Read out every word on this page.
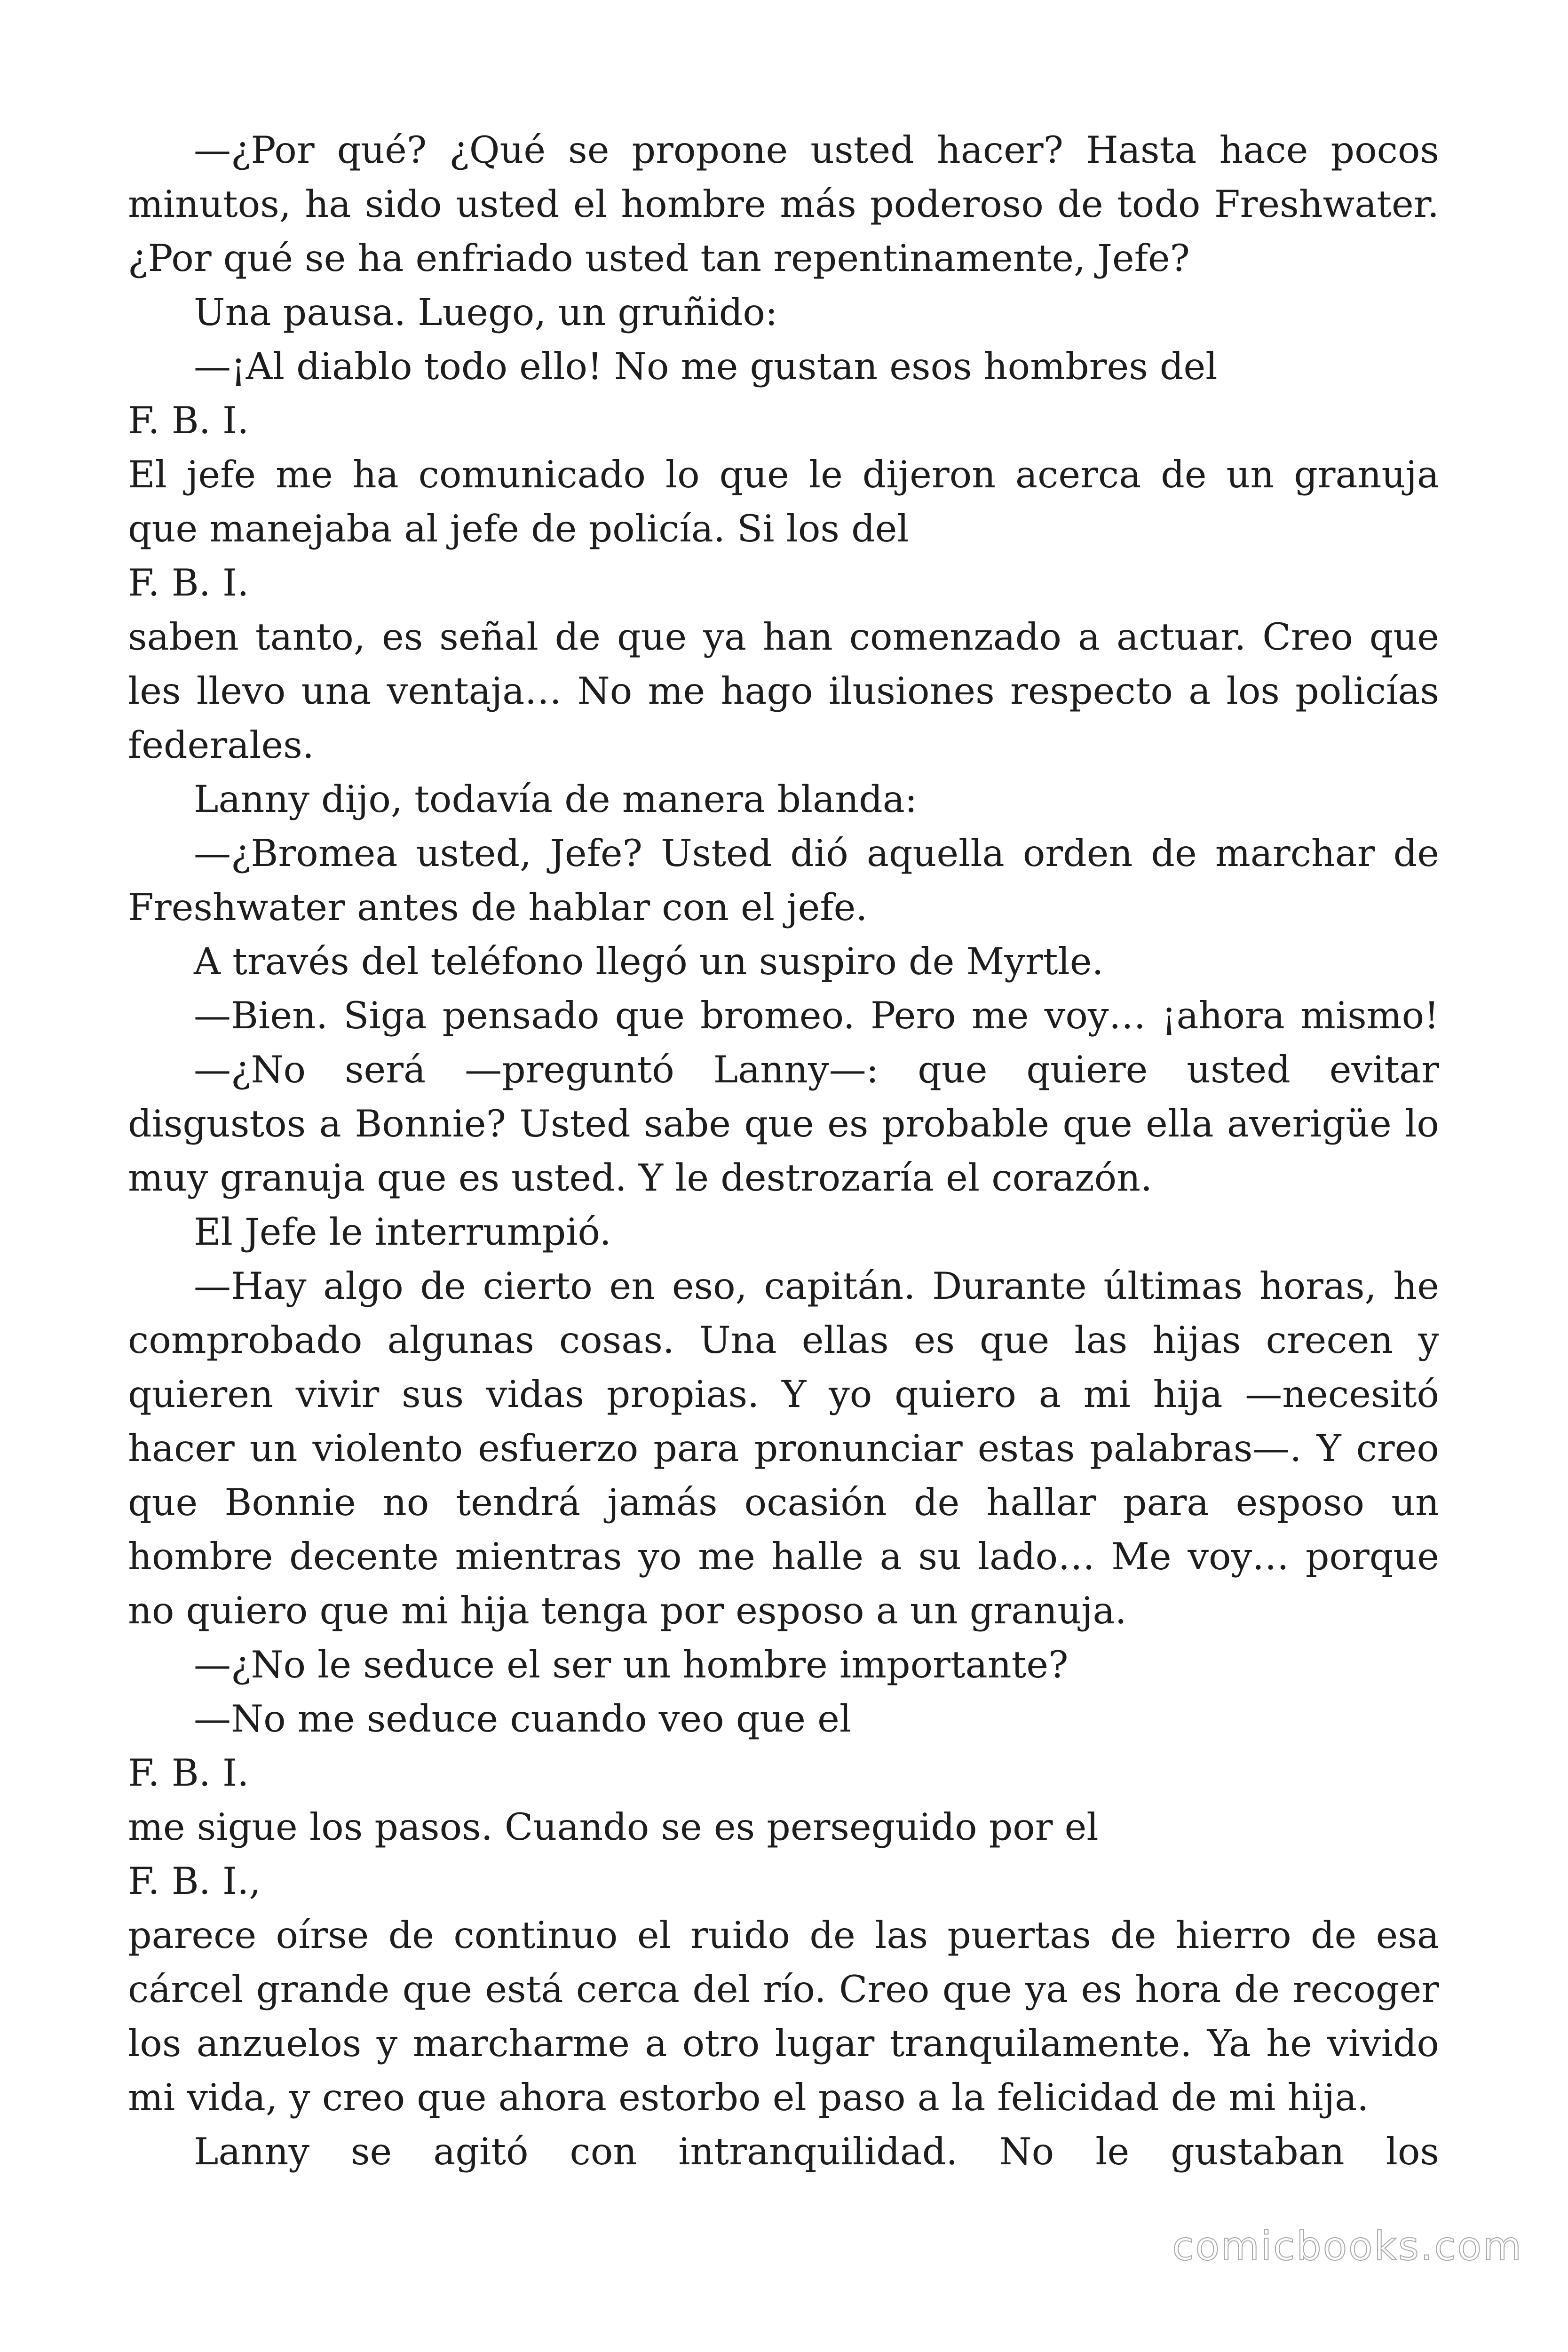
—¿Por qué? ¿Qué se propone usted hacer? Hasta hace pocos
minutos, ha sido usted el hombre más poderoso de todo Freshwater.
¿Por qué se ha enfriado usted tan repentinamente, Jefe?
Una pausa. Luego, un gruñido:
—¡Al diablo todo ello! No me gustan esos hombres del
F. B. I.
El jefe me ha comunicado lo que le dijeron acerca de un granuja
que manejaba al jefe de policía. Si los del
F. B. I.
saben tanto, es señal de que ya han comenzado a actuar. Creo que
les llevo una ventaja… No me hago ilusiones respecto a los policías
federales.
Lanny dijo, todavía de manera blanda:
—¿Bromea usted, Jefe? Usted dió aquella orden de marchar de
Freshwater antes de hablar con el jefe.
A través del teléfono llegó un suspiro de Myrtle.
—Bien. Siga pensado que bromeo. Pero me voy… ¡ahora mismo!
—¿No será —preguntó Lanny—: que quiere usted evitar
disgustos a Bonnie? Usted sabe que es probable que ella averigüe lo
muy granuja que es usted. Y le destrozaría el corazón.
El Jefe le interrumpió.
—Hay algo de cierto en eso, capitán. Durante últimas horas, he
comprobado algunas cosas. Una ellas es que las hijas crecen y
quieren vivir sus vidas propias. Y yo quiero a mi hija —necesitó
hacer un violento esfuerzo para pronunciar estas palabras—. Y creo
que Bonnie no tendrá jamás ocasión de hallar para esposo un
hombre decente mientras yo me halle a su lado… Me voy… porque
no quiero que mi hija tenga por esposo a un granuja.
—¿No le seduce el ser un hombre importante?
—No me seduce cuando veo que el
F. B. I.
me sigue los pasos. Cuando se es perseguido por el
F. B. I.,
parece oírse de continuo el ruido de las puertas de hierro de esa
cárcel grande que está cerca del río. Creo que ya es hora de recoger
los anzuelos y marcharme a otro lugar tranquilamente. Ya he vivido
mi vida, y creo que ahora estorbo el paso a la felicidad de mi hija.
Lanny se agitó con intranquilidad. No le gustaban los
comicbooks.com
